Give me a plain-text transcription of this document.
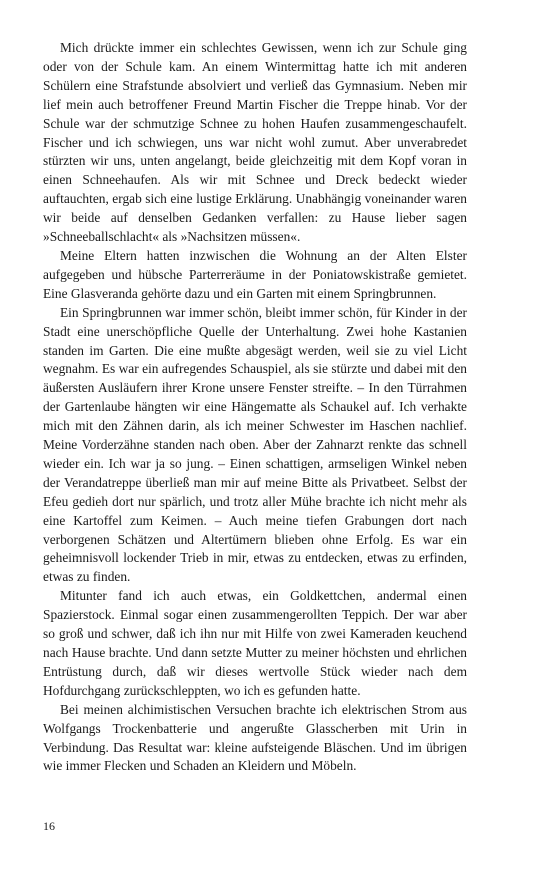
Mich drückte immer ein schlechtes Gewissen, wenn ich zur Schule ging oder von der Schule kam. An einem Wintermittag hatte ich mit anderen Schülern eine Strafstunde absolviert und verließ das Gymnasium. Neben mir lief mein auch betroffener Freund Martin Fischer die Treppe hinab. Vor der Schule war der schmutzige Schnee zu hohen Haufen zusammengeschaufelt. Fischer und ich schwiegen, uns war nicht wohl zumut. Aber unverabredet stürzten wir uns, unten angelangt, beide gleichzeitig mit dem Kopf voran in einen Schneehaufen. Als wir mit Schnee und Dreck bedeckt wieder auftauchten, ergab sich eine lustige Erklärung. Unabhängig voneinander waren wir beide auf denselben Gedanken verfallen: zu Hause lieber sagen »Schneeballschlacht« als »Nachsitzen müssen«.

Meine Eltern hatten inzwischen die Wohnung an der Alten Elster aufgegeben und hübsche Parterreräume in der Poniatowskistraße gemietet. Eine Glasveranda gehörte dazu und ein Garten mit einem Springbrunnen.

Ein Springbrunnen war immer schön, bleibt immer schön, für Kinder in der Stadt eine unerschöpfliche Quelle der Unterhaltung. Zwei hohe Kastanien standen im Garten. Die eine mußte abgesägt werden, weil sie zu viel Licht wegnahm. Es war ein aufregendes Schauspiel, als sie stürzte und dabei mit den äußersten Ausläufern ihrer Krone unsere Fenster streifte. – In den Türrahmen der Gartenlaube hängten wir eine Hängematte als Schaukel auf. Ich verhakte mich mit den Zähnen darin, als ich meiner Schwester im Haschen nachlief. Meine Vorderzähne standen nach oben. Aber der Zahnarzt renkte das schnell wieder ein. Ich war ja so jung. – Einen schattigen, armseligen Winkel neben der Verandatreppe überließ man mir auf meine Bitte als Privatbeet. Selbst der Efeu gedieh dort nur spärlich, und trotz aller Mühe brachte ich nicht mehr als eine Kartoffel zum Keimen. – Auch meine tiefen Grabungen dort nach verborgenen Schätzen und Altertümern blieben ohne Erfolg. Es war ein geheimnisvoll lockender Trieb in mir, etwas zu entdecken, etwas zu erfinden, etwas zu finden.

Mitunter fand ich auch etwas, ein Goldkettchen, andermal einen Spazierstock. Einmal sogar einen zusammengerollten Teppich. Der war aber so groß und schwer, daß ich ihn nur mit Hilfe von zwei Kameraden keuchend nach Hause brachte. Und dann setzte Mutter zu meiner höchsten und ehrlichen Entrüstung durch, daß wir dieses wertvolle Stück wieder nach dem Hofdurchgang zurückschleppten, wo ich es gefunden hatte.

Bei meinen alchimistischen Versuchen brachte ich elektrischen Strom aus Wolfgangs Trockenbatterie und angerußte Glasscherben mit Urin in Verbindung. Das Resultat war: kleine aufsteigende Bläschen. Und im übrigen wie immer Flecken und Schaden an Kleidern und Möbeln.

16
